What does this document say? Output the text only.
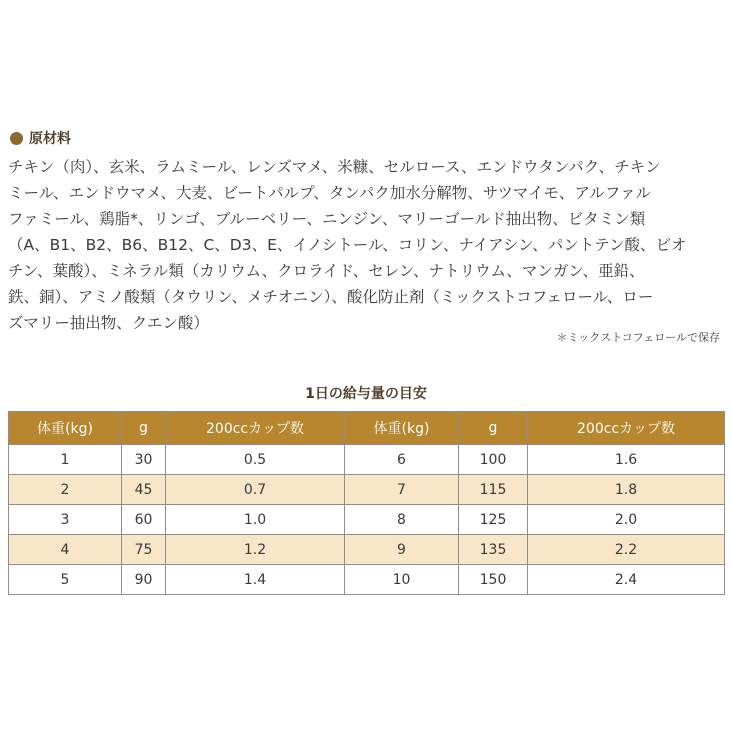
原材料

チキン（肉）、玄米、ラムミール、レンズマメ、米糠、セルロース、エンドウタンパク、チキン
ミール、エンドウマメ、大麦、ビートパルプ、タンパク加水分解物、サツマイモ、アルファル
ファミール、鶏脂*、リンゴ、ブルーベリー、ニンジン、マリーゴールド抽出物、ビタミン類
（A、B1、B2、B6、B12、C、D3、E、イノシトール、コリン、ナイアシン、パントテン酸、ビオ
チン、葉酸）、ミネラル類（カリウム、クロライド、セレン、ナトリウム、マンガン、亜鉛、
鉄、銅）、アミノ酸類（タウリン、メチオニン）、酸化防止剤（ミックストコフェロール、ロー
ズマリー抽出物、クエン酸）

＊ミックストコフェロールで保存
1日の給与量の目安
体重(kg)	g	200ccカップ数	体重(kg)	g	200ccカップ数
1	30	0.5	6	100	1.6
2	45	0.7	7	115	1.8
3	60	1.0	8	125	2.0
4	75	1.2	9	135	2.2
5	90	1.4	10	150	2.4
